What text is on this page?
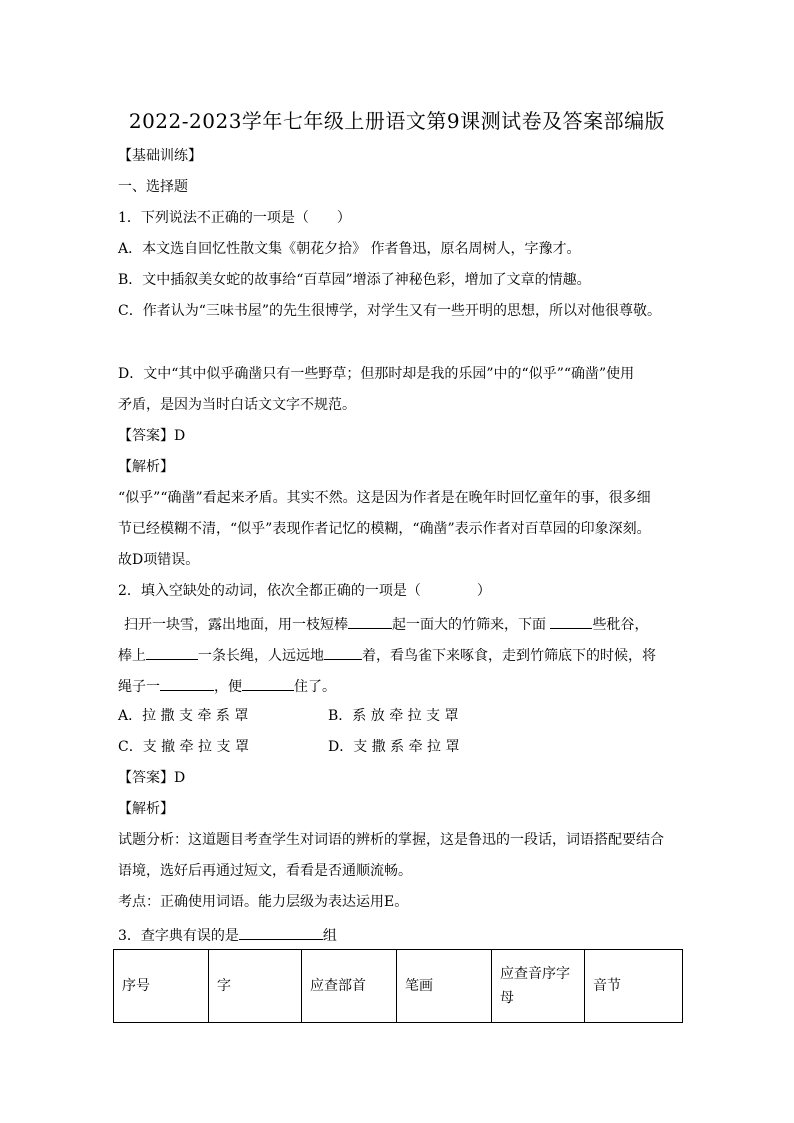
2022-2023学年七年级上册语文第9课测试卷及答案部编版
【基础训练】
一、选择题
1．下列说法不正确的一项是（　　）
A．本文选自回忆性散文集《朝花夕拾》 作者鲁迅，原名周树人，字豫才。
B．文中插叙美女蛇的故事给“百草园”增添了神秘色彩，增加了文章的情趣。
C．作者认为“三味书屋”的先生很博学，对学生又有一些开明的思想，所以对他很尊敬。
D．文中“其中似乎确凿只有一些野草；但那时却是我的乐园”中的“似乎”“确凿”使用
矛盾，是因为当时白话文文字不规范。
【答案】D
【解析】
“似乎”“确凿”看起来矛盾。其实不然。这是因为作者是在晚年时回忆童年的事，很多细
节已经模糊不清，“似乎”表现作者记忆的模糊，“确凿”表示作者对百草园的印象深刻。
故D项错误。
2．填入空缺处的动词，依次全都正确的一项是（　　　　）
扫开一块雪，露出地面，用一枝短棒	起一面大的竹筛来，下面	些秕谷，
棒上	一条长绳，人远远地	着，看鸟雀下来啄食，走到竹筛底下的时候，将
绳子一	，便	住了。
A．拉 撒 支 牵 系 罩	B．系 放 牵 拉 支 罩
C．支 撤 牵 拉 支 罩	D．支 撒 系 牵 拉 罩
【答案】D
【解析】
试题分析：这道题目考查学生对词语的辨析的掌握，这是鲁迅的一段话，词语搭配要结合
语境，选好后再通过短文，看看是否通顺流畅。
考点：正确使用词语。能力层级为表达运用E。
3．查字典有误的是	组
序号	字	应查部首	笔画	应查音序字母	音节
